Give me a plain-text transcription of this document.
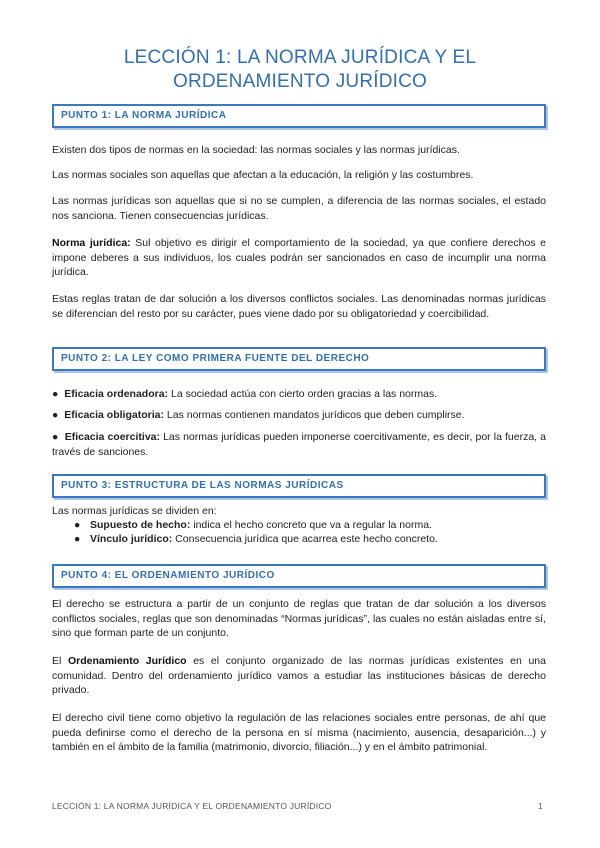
LECCIÓN 1: LA NORMA JURÍDICA Y EL
ORDENAMIENTO JURÍDICO
PUNTO 1: LA NORMA JURÍDICA
Existen dos tipos de normas en la sociedad: las normas sociales y las normas jurídicas.
Las normas sociales son aquellas que afectan a la educación, la religión y las costumbres.
Las normas jurídicas son aquellas que si no se cumplen, a diferencia de las normas sociales, el estado nos sanciona. Tienen consecuencias jurídicas.
Norma jurídica: Sul objetivo es dirigir el comportamiento de la sociedad, ya que confiere derechos e impone deberes a sus individuos, los cuales podrán ser sancionados en caso de incumplir una norma jurídica.
Estas reglas tratan de dar solución a los diversos conflictos sociales. Las denominadas normas jurídicas se diferencian del resto por su carácter, pues viene dado por su obligatoriedad y coercibilidad.
PUNTO 2: LA LEY COMO PRIMERA FUENTE DEL DERECHO
● Eficacia ordenadora: La sociedad actúa con cierto orden gracias a las normas.
● Eficacia obligatoria: Las normas contienen mandatos jurídicos que deben cumplirse.
● Eficacia coercitiva: Las normas jurídicas pueden imponerse coercitivamente, es decir, por la fuerza, a través de sanciones.
PUNTO 3: ESTRUCTURA DE LAS NORMAS JURÍDICAS
Las normas jurídicas se dividen en:
● Supuesto de hecho: indica el hecho concreto que va a regular la norma.
● Vínculo jurídico: Consecuencia jurídica que acarrea este hecho concreto.
PUNTO 4: EL ORDENAMIENTO JURÍDICO
El derecho se estructura a partir de un conjunto de reglas que tratan de dar solución a los diversos conflictos sociales, reglas que son denominadas “Normas jurídicas”, las cuales no están aisladas entre sí, sino que forman parte de un conjunto.
El Ordenamiento Jurídico es el conjunto organizado de las normas jurídicas existentes en una comunidad. Dentro del ordenamiento jurídico vamos a estudiar las instituciones básicas de derecho privado.
El derecho civil tiene como objetivo la regulación de las relaciones sociales entre personas, de ahí que pueda definirse como el derecho de la persona en sí misma (nacimiento, ausencia, desaparición...) y también en el ámbito de la familia (matrimonio, divorcio, filiación...) y en el ámbito patrimonial.
LECCIÓN 1: LA NORMA JURÍDICA Y EL ORDENAMIENTO JURÍDICO	1
